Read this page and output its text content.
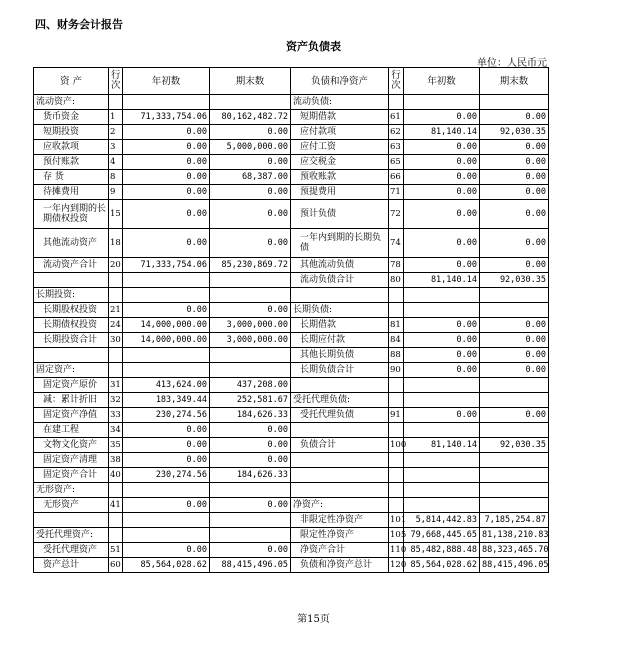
四、财务会计报告
资产负债表
单位：人民币元
资 产	行次	年初数	期末数	负债和净资产	行次	年初数	期末数
流动资产:				流动负债:			
货币资金	1	71,333,754.06	80,162,482.72	短期借款	61	0.00	0.00
短期投资	2	0.00	0.00	应付款项	62	81,140.14	92,030.35
应收款项	3	0.00	5,000,000.00	应付工资	63	0.00	0.00
预付账款	4	0.00	0.00	应交税金	65	0.00	0.00
存 货	8	0.00	68,387.00	预收账款	66	0.00	0.00
待摊费用	9	0.00	0.00	预提费用	71	0.00	0.00
一年内到期的长期债权投资	15	0.00	0.00	预计负债	72	0.00	0.00
其他流动资产	18	0.00	0.00	一年内到期的长期负债	74	0.00	0.00
流动资产合计	20	71,333,754.06	85,230,869.72	其他流动负债	78	0.00	0.00
				流动负债合计	80	81,140.14	92,030.35
长期投资:							
长期股权投资	21	0.00	0.00	长期负债:			
长期债权投资	24	14,000,000.00	3,000,000.00	长期借款	81	0.00	0.00
长期投资合计	30	14,000,000.00	3,000,000.00	长期应付款	84	0.00	0.00
				其他长期负债	88	0.00	0.00
固定资产:				长期负债合计	90	0.00	0.00
固定资产原价	31	413,624.00	437,208.00				
减：累计折旧	32	183,349.44	252,581.67	受托代理负债:			
固定资产净值	33	230,274.56	184,626.33	受托代理负债	91	0.00	0.00
在建工程	34	0.00	0.00				
文物文化资产	35	0.00	0.00	负债合计	100	81,140.14	92,030.35
固定资产清理	38	0.00	0.00				
固定资产合计	40	230,274.56	184,626.33				
无形资产:							
无形资产	41	0.00	0.00	净资产:			
				非限定性净资产	101	5,814,442.83	7,185,254.87
受托代理资产:				限定性净资产	105	79,668,445.65	81,138,210.83
受托代理资产	51	0.00	0.00	净资产合计	110	85,482,888.48	88,323,465.70
资产总计	60	85,564,028.62	88,415,496.05	负债和净资产总计	120	85,564,028.62	88,415,496.05
第15页
